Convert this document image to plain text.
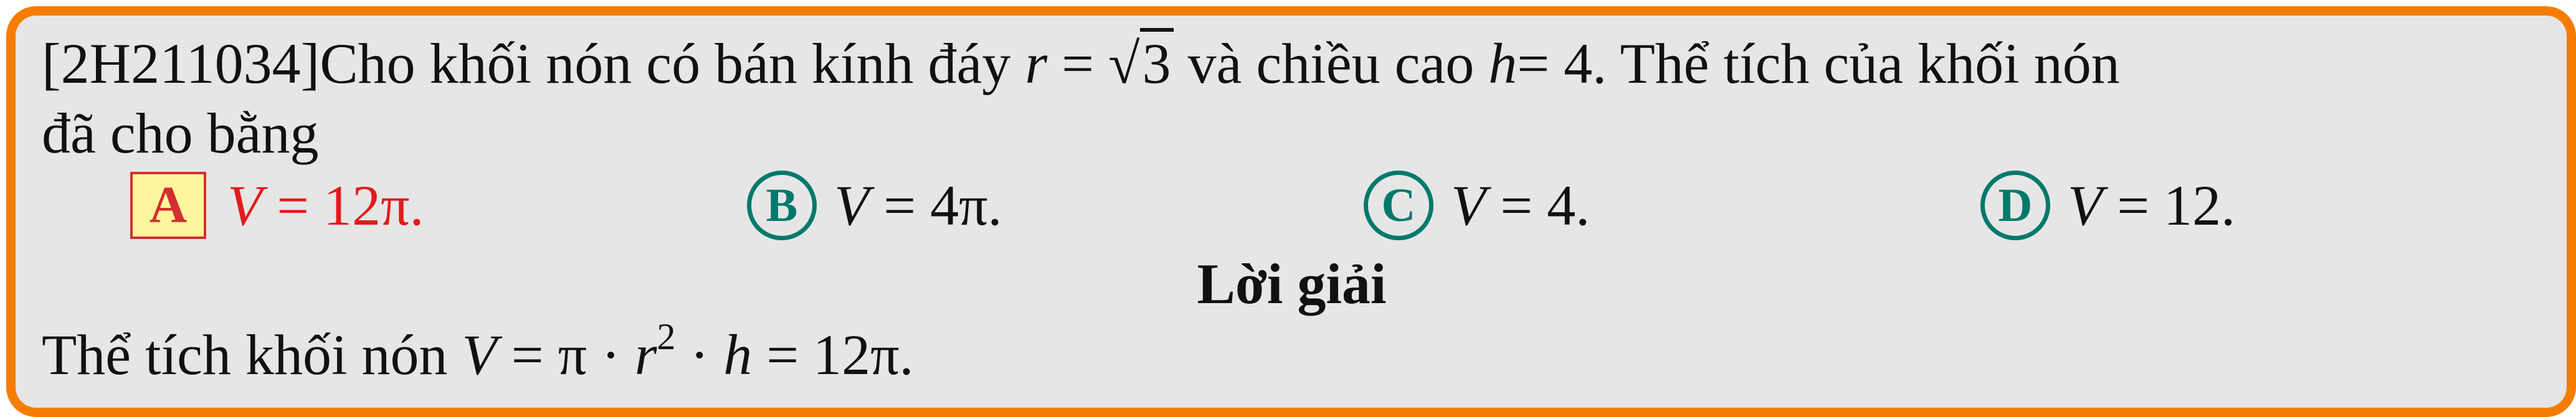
[2H211034]Cho khối nón có bán kính đáy r = √3 và chiều cao h= 4. Thể tích của khối nón
đã cho bằng
A V = 12π.	B V = 4π.	C V = 4.	D V = 12.
Lời giải
Thể tích khối nón $V = \pi \cdot r^2 \cdot h = 12\pi$.
